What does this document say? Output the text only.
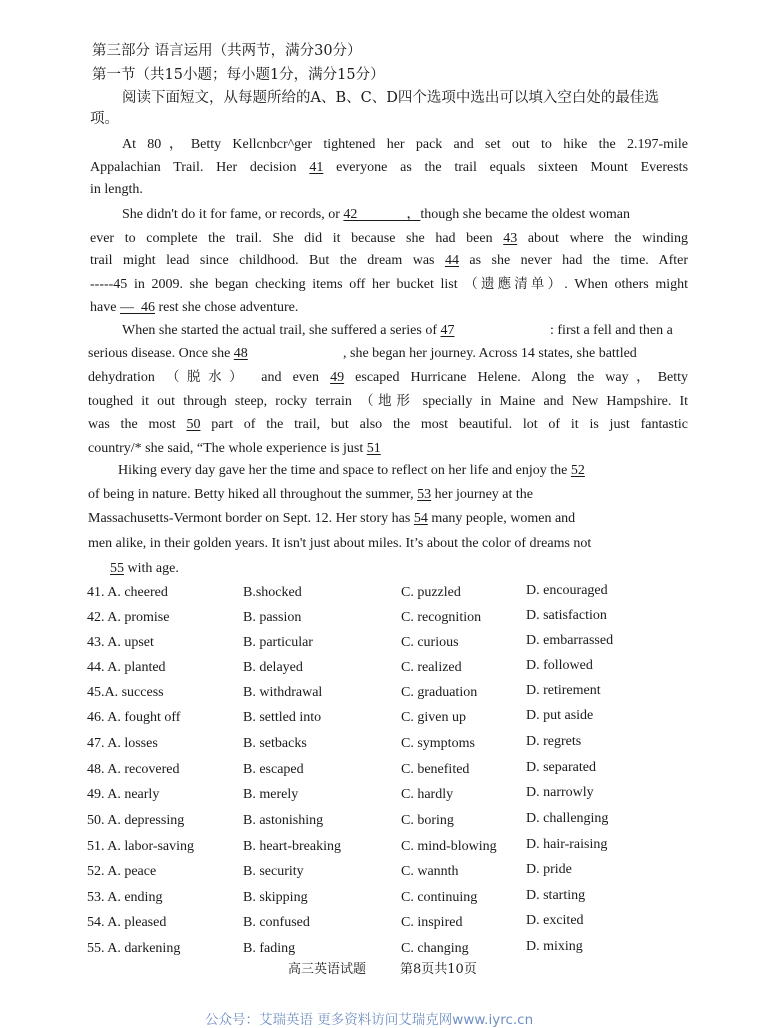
第三部分 语言运用（共两节，满分30分）
第一节（共15小题；每小题1分，满分15分）
阅读下面短文，从每题所给的A、B、C、D四个选项中选出可以填入空白处的最佳选
项。
At 80，Betty Kellcnbcr^ger tightened her pack and set out to hike the 2.197-mile
Appalachian Trail. Her decision 41 everyone as the trail equals sixteen Mount Everests
in length.
She didn't do it for fame, or records, or 42              ，though she became the oldest woman
ever to complete the trail. She did it because she had been 43 about where the winding
trail might lead since childhood. But the dream was 44 as she never had the time. After
-----45 in 2009. she began checking items off her bucket list （遗應清单）. When others might
have —  46 rest she chose adventure.
When she started the actual trail, she suffered a series of 47	: first a fell and then a
serious disease. Once she 48	, she began her journey. Across 14 states, she battled
dehydration （脱水） and even 49 escaped Hurricane Helene. Along the way，Betty
toughed it out through steep, rocky terrain （地形 specially in Maine and New Hampshire. It
was the most 50 part of the trail, but also the most beautiful. lot of it is just fantastic
country/* she said, “The whole experience is just 51
Hiking every day gave her the time and space to reflect on her life and enjoy the 52
of being in nature. Betty hiked all throughout the summer, 53 her journey at the
Massachusetts-Vermont border on Sept. 12. Her story has 54 many people, women and
men alike, in their golden years. It isn't just about miles. It’s about the color of dreams not
55 with age.
41. A. cheered	B.shocked	C. puzzled	D. encouraged
42. A. promise	B. passion	C. recognition	D. satisfaction
43. A. upset	B. particular	C. curious	D. embarrassed
44. A. planted	B. delayed	C. realized	D. followed
45.A. success	B. withdrawal	C. graduation	D. retirement
46. A. fought off	B. settled into	C. given up	D. put aside
47. A. losses	B. setbacks	C. symptoms	D. regrets
48. A. recovered	B. escaped	C. benefited	D. separated
49. A. nearly	B. merely	C. hardly	D. narrowly
50. A. depressing	B. astonishing	C. boring	D. challenging
51. A. labor-saving	B. heart-breaking	C. mind-blowing D. hair-raising
52. A. peace	B. security	C. wannth	D. pride
53. A. ending	B. skipping	C. continuing	D. starting
54. A. pleased	B. confused	C. inspired	D. excited
55. A. darkening	B. fading	C. changing	D. mixing
高三英语试题	第8页共10页
公众号：艾瑞英语 更多资料访问艾瑞克网www.iyrc.cn
